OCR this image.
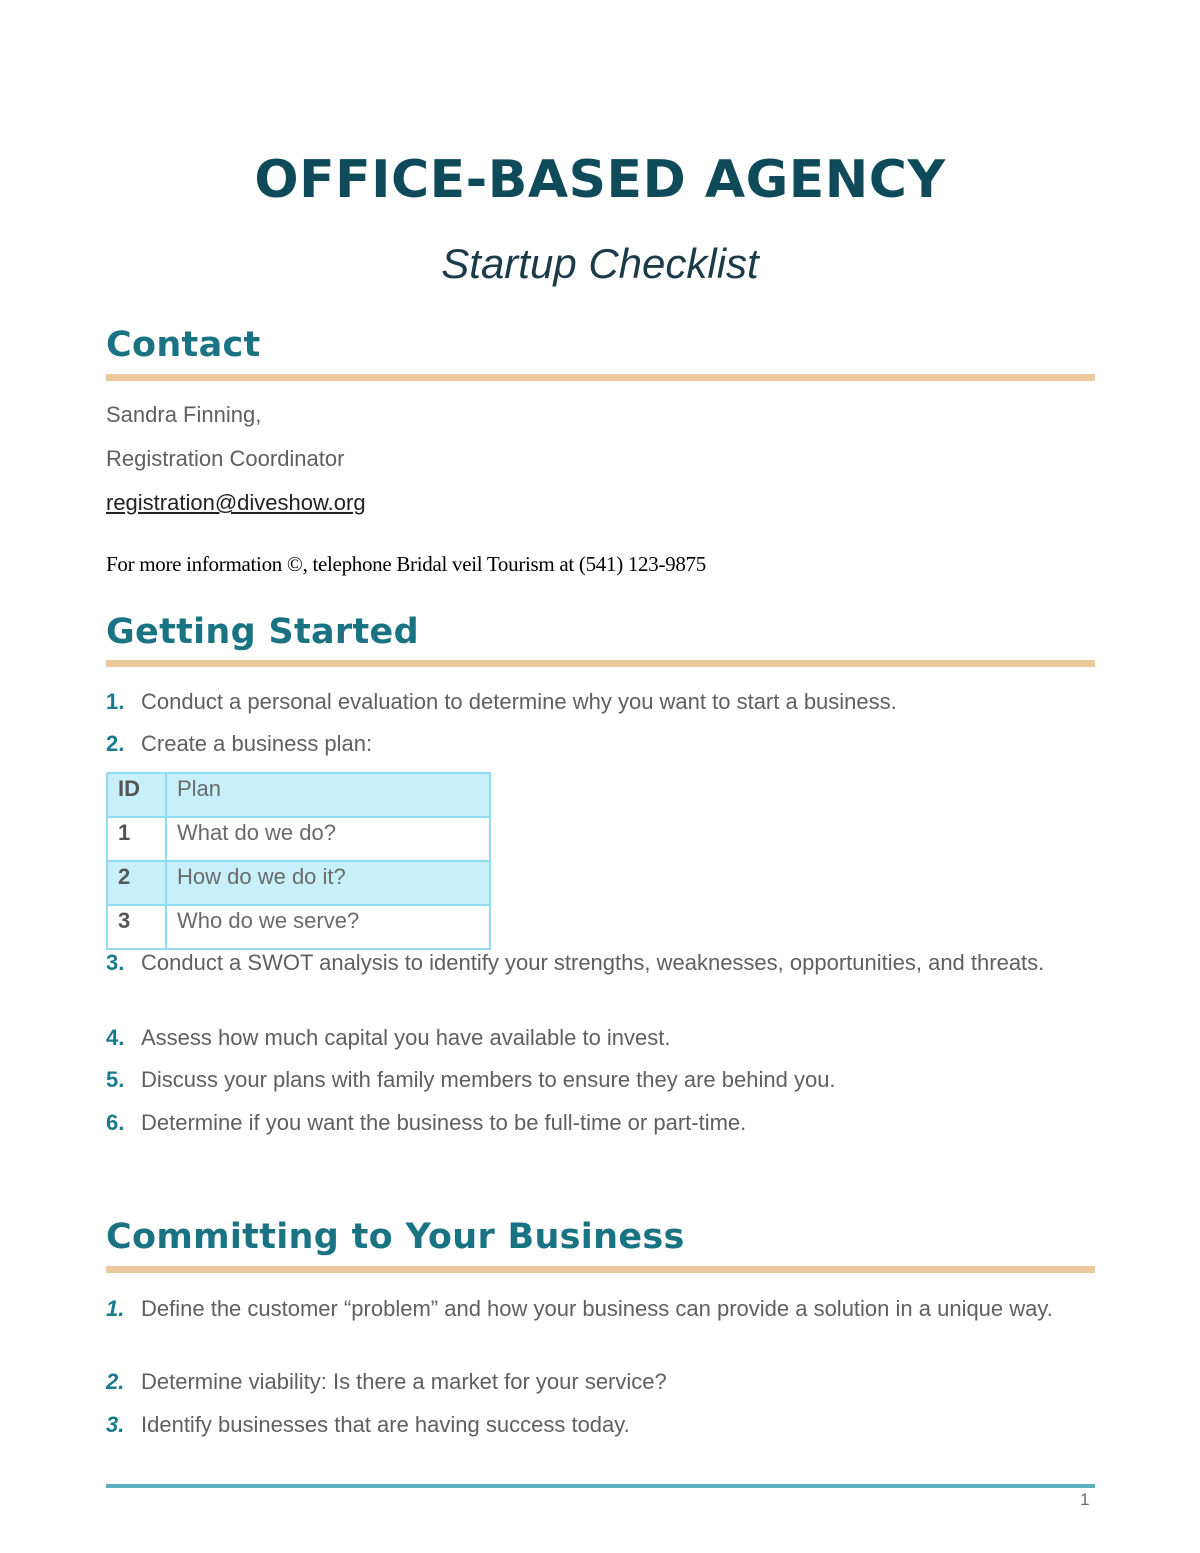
OFFICE-BASED AGENCY
Startup Checklist
Contact
Sandra Finning,
Registration Coordinator
registration@diveshow.org
For more information ©, telephone Bridal veil Tourism at (541) 123-9875
Getting Started
1. Conduct a personal evaluation to determine why you want to start a business.
2. Create a business plan:
ID	Plan
1	What do we do?
2	How do we do it?
3	Who do we serve?
3. Conduct a SWOT analysis to identify your strengths, weaknesses, opportunities, and threats.
4. Assess how much capital you have available to invest.
5. Discuss your plans with family members to ensure they are behind you.
6. Determine if you want the business to be full-time or part-time.
Committing to Your Business
1. Define the customer “problem” and how your business can provide a solution in a unique way.
2. Determine viability: Is there a market for your service?
3. Identify businesses that are having success today.
1
